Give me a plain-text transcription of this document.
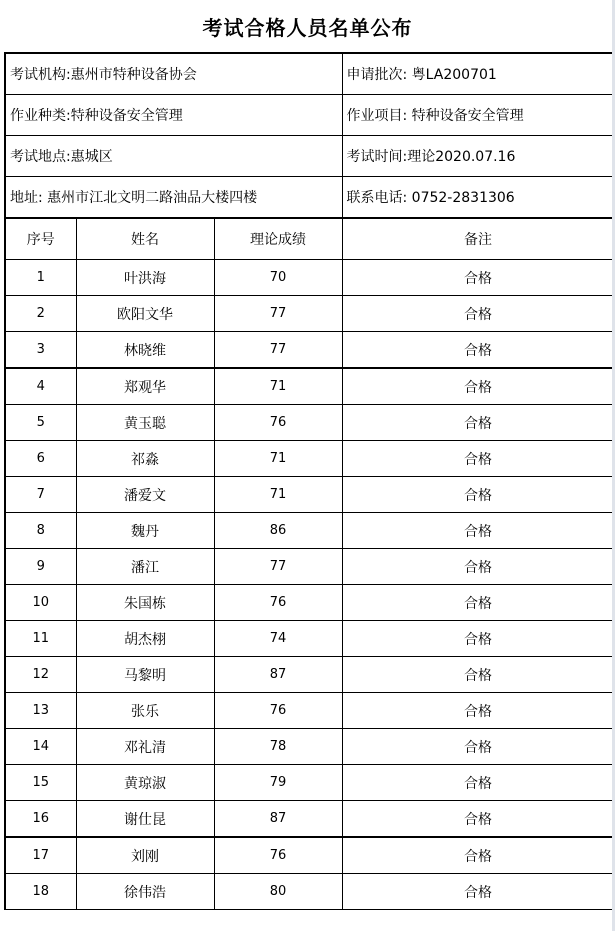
考试合格人员名单公布
考试机构:惠州市特种设备协会	申请批次: 粤LA200701
作业种类:特种设备安全管理	作业项目: 特种设备安全管理
考试地点:惠城区	考试时间:理论2020.07.16
地址: 惠州市江北文明二路油品大楼四楼	联系电话: 0752-2831306
序号	姓名	理论成绩	备注
1	叶洪海	70	合格
2	欧阳文华	77	合格
3	林晓维	77	合格
4	郑观华	71	合格
5	黄玉聪	76	合格
6	祁淼	71	合格
7	潘爱文	71	合格
8	魏丹	86	合格
9	潘江	77	合格
10	朱国栋	76	合格
11	胡杰栩	74	合格
12	马黎明	87	合格
13	张乐	76	合格
14	邓礼清	78	合格
15	黄琼淑	79	合格
16	谢仕昆	87	合格
17	刘刚	76	合格
18	徐伟浩	80	合格
